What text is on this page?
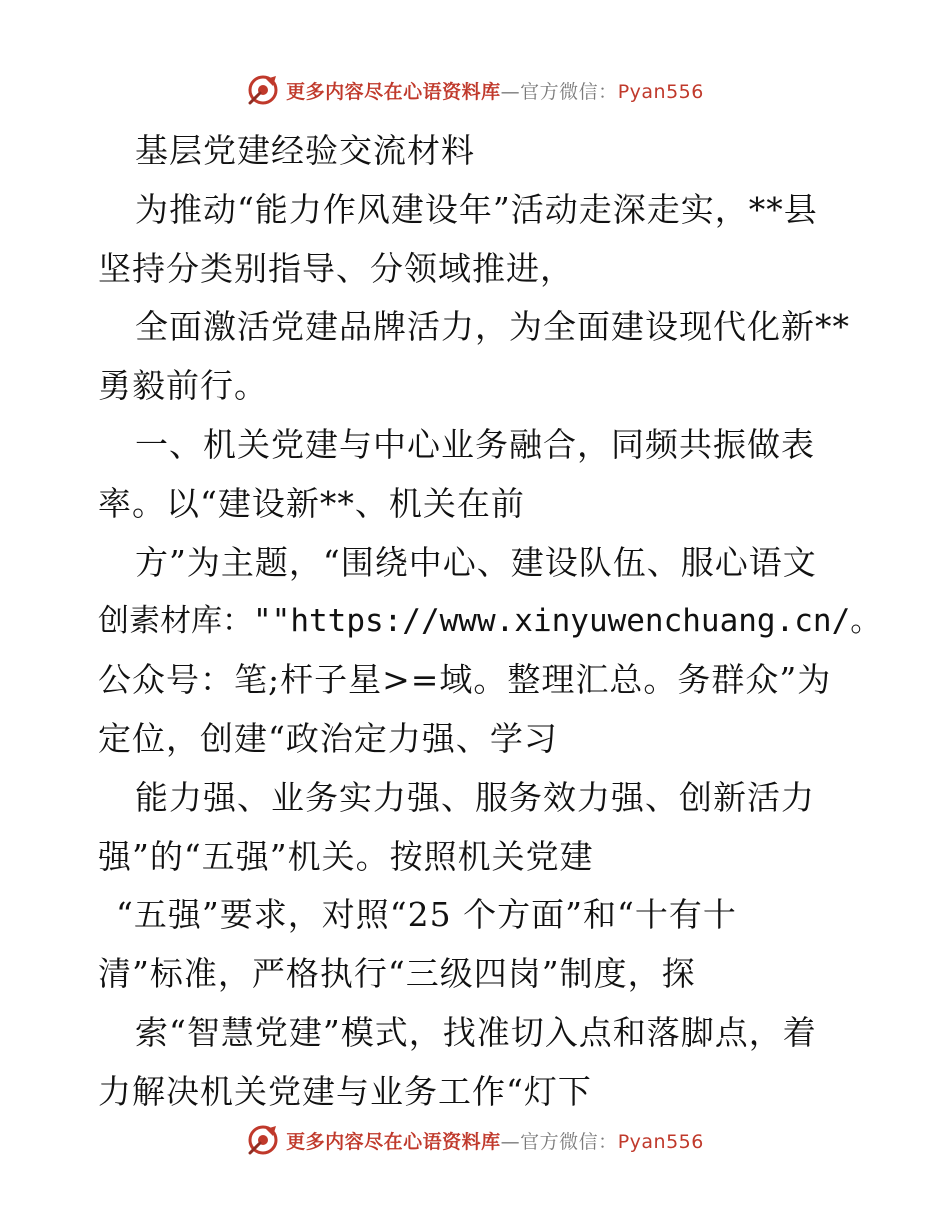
更多内容尽在心语资料库—官方微信：Pyan556
基层党建经验交流材料
为推动“能力作风建设年”活动走深走实，**县
坚持分类别指导、分领域推进，
全面激活党建品牌活力，为全面建设现代化新**
勇毅前行。
一、机关党建与中心业务融合，同频共振做表
率。以“建设新**、机关在前
方”为主题，“围绕中心、建设队伍、服心语文
创素材库：""https://www.xinyuwenchuang.cn/。
公众号：笔;杆子星>=域。整理汇总。务群众”为
定位，创建“政治定力强、学习
能力强、业务实力强、服务效力强、创新活力
强”的“五强”机关。按照机关党建
“五强”要求，对照“25 个方面”和“十有十
清”标准，严格执行“三级四岗”制度，探
索“智慧党建”模式，找准切入点和落脚点，着
力解决机关党建与业务工作“灯下
更多内容尽在心语资料库—官方微信：Pyan556
